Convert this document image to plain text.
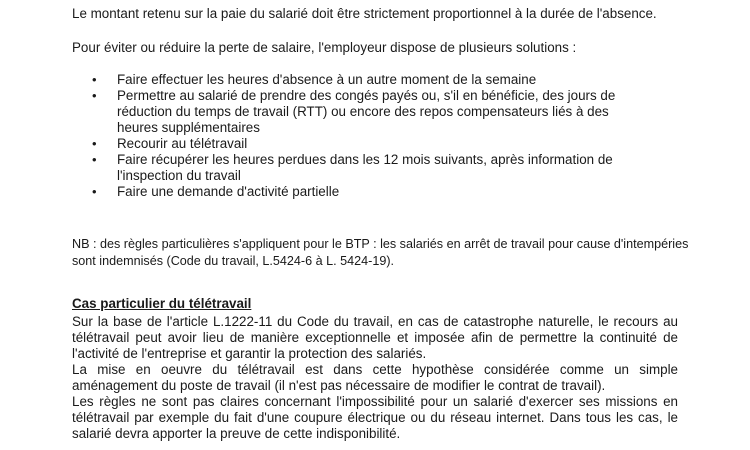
Le montant retenu sur la paie du salarié doit être strictement proportionnel à la durée de l'absence.

Pour éviter ou réduire la perte de salaire, l'employeur dispose de plusieurs solutions :

• Faire effectuer les heures d'absence à un autre moment de la semaine
• Permettre au salarié de prendre des congés payés ou, s'il en bénéficie, des jours de réduction du temps de travail (RTT) ou encore des repos compensateurs liés à des heures supplémentaires
• Recourir au télétravail
• Faire récupérer les heures perdues dans les 12 mois suivants, après information de l'inspection du travail
• Faire une demande d'activité partielle

NB : des règles particulières s'appliquent pour le BTP : les salariés en arrêt de travail pour cause d'intempéries sont indemnisés (Code du travail, L.5424-6 à L. 5424-19).

Cas particulier du télétravail

Sur la base de l'article L.1222-11 du Code du travail, en cas de catastrophe naturelle, le recours au télétravail peut avoir lieu de manière exceptionnelle et imposée afin de permettre la continuité de l'activité de l'entreprise et garantir la protection des salariés.

La mise en oeuvre du télétravail est dans cette hypothèse considérée comme un simple aménagement du poste de travail (il n'est pas nécessaire de modifier le contrat de travail).

Les règles ne sont pas claires concernant l'impossibilité pour un salarié d'exercer ses missions en télétravail par exemple du fait d'une coupure électrique ou du réseau internet. Dans tous les cas, le salarié devra apporter la preuve de cette indisponibilité.
